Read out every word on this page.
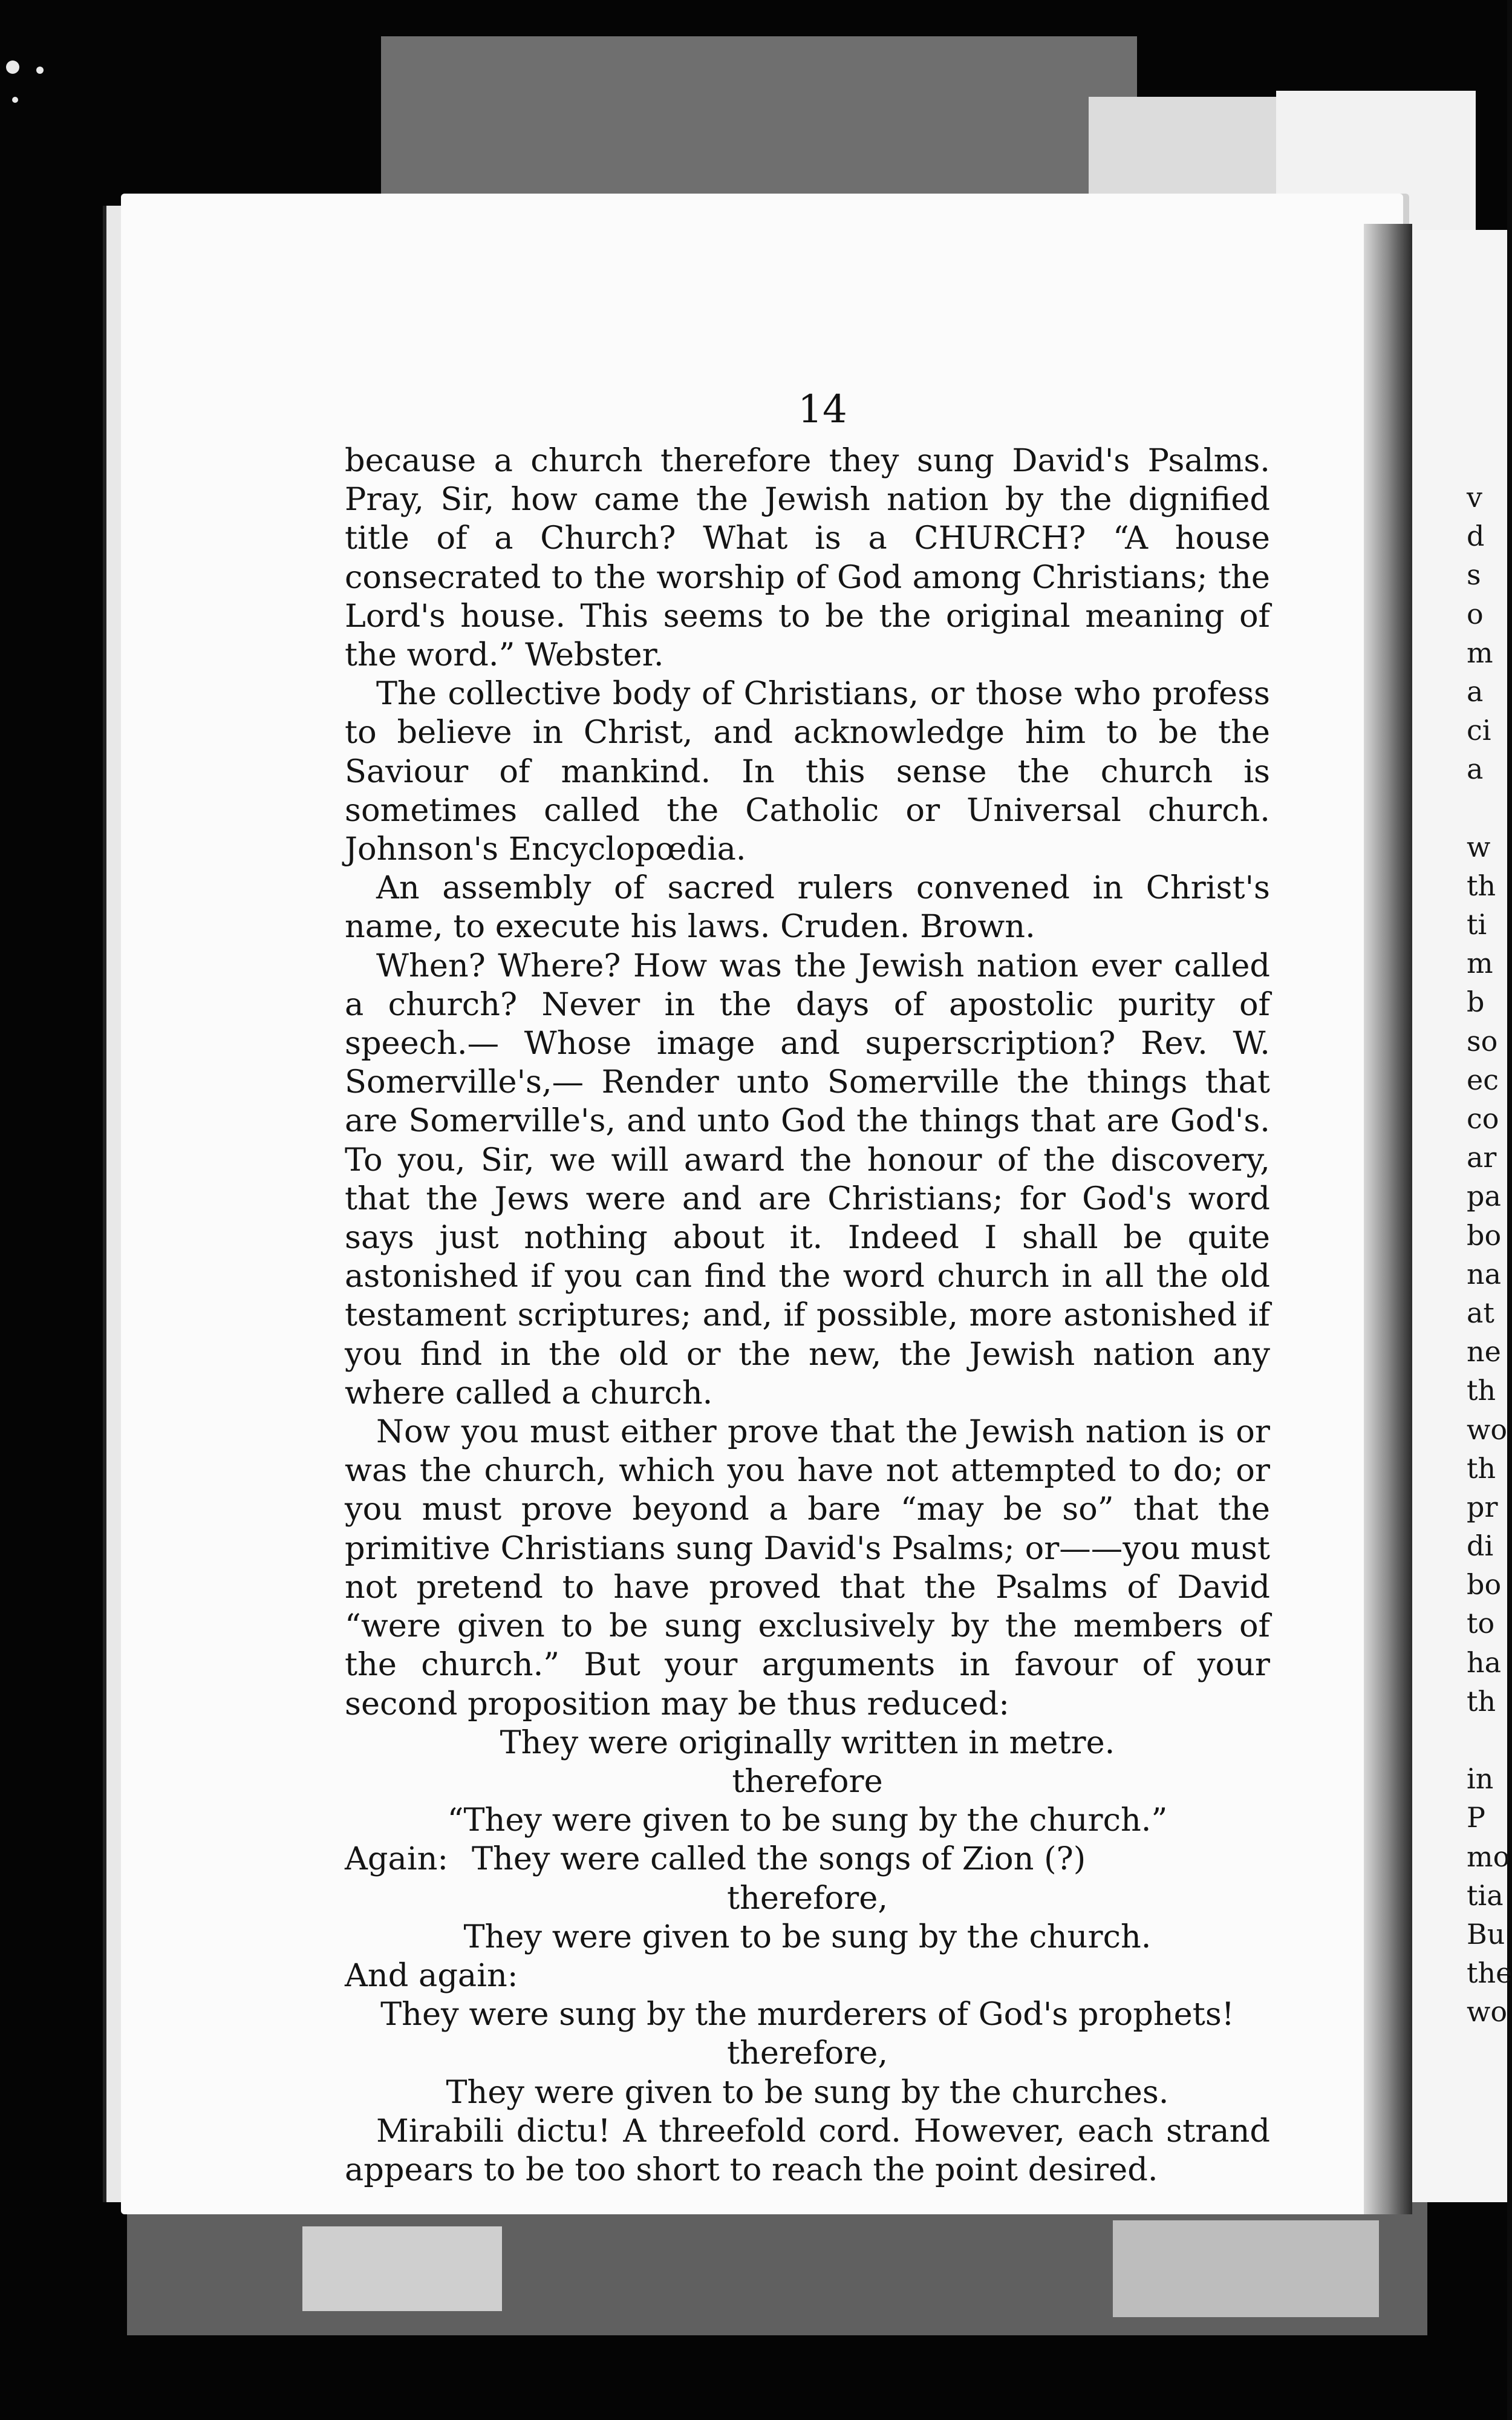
14

because a church therefore they sung David's Psalms. Pray, Sir, how came the Jewish nation by the dignified title of a Church? What is a CHURCH? “A house consecrated to the worship of God among Christians; the Lord's house. This seems to be the original meaning of the word.” Webster.

The collective body of Christians, or those who profess to believe in Christ, and acknowledge him to be the Saviour of mankind. In this sense the church is sometimes called the Catholic or Universal church. Johnson's Encyclopœdia.

An assembly of sacred rulers convened in Christ's name, to execute his laws. Cruden. Brown.

When? Where? How was the Jewish nation ever called a church? Never in the days of apostolic purity of speech.— Whose image and superscription? Rev. W. Somerville's,— Render unto Somerville the things that are Somerville's, and unto God the things that are God's. To you, Sir, we will award the honour of the discovery, that the Jews were and are Christians; for God's word says just nothing about it. Indeed I shall be quite astonished if you can find the word church in all the old testament scriptures; and, if possible, more astonished if you find in the old or the new, the Jewish nation any where called a church.

Now you must either prove that the Jewish nation is or was the church, which you have not attempted to do; or you must prove beyond a bare “may be so” that the primitive Christians sung David's Psalms; or——you must not pretend to have proved that the Psalms of David “were given to be sung exclusively by the members of the church.” But your arguments in favour of your second proposition may be thus reduced:

They were originally written in metre.

therefore

“They were given to be sung by the church.”

Again: They were called the songs of Zion (?)

therefore,

They were given to be sung by the church.

And again:

They were sung by the murderers of God's prophets!

therefore,

They were given to be sung by the churches.

Mirabili dictu! A threefold cord. However, each strand appears to be too short to reach the point desired.

v
d
s
o
m
a
ci
a
w
th
ti
m
b
so
ec
co
ar
pa
bo
na
at
ne
th
wo
th
pr
di
bo
to
ha
th
in
P
mo
tia
Bu
the
wo
